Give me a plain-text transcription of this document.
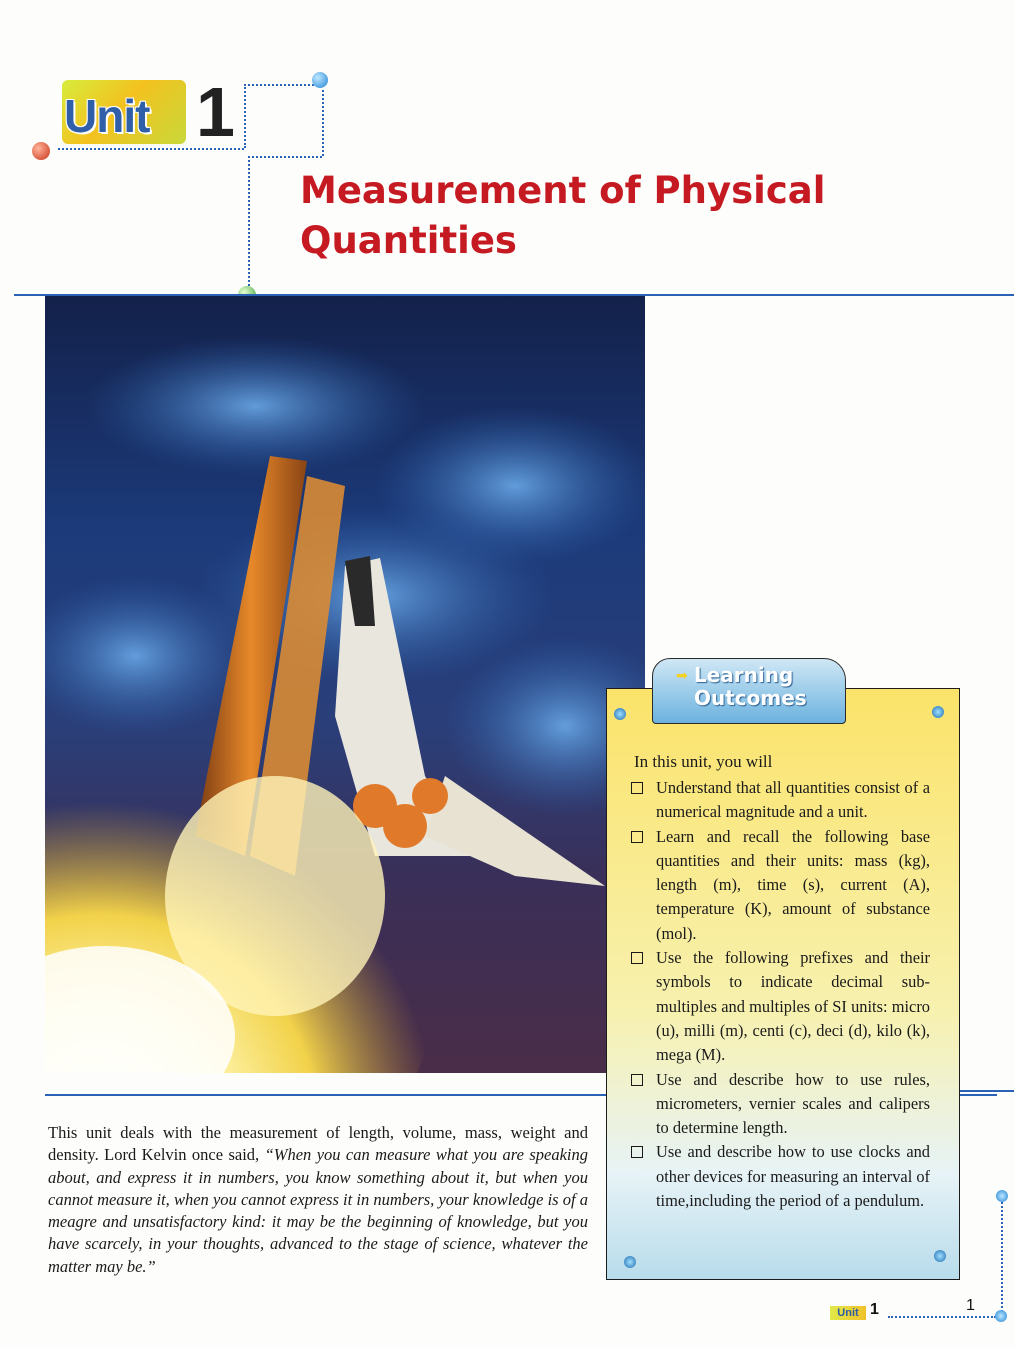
Unit 1
Measurement of Physical Quantities
➡ Learning Outcomes
In this unit, you will
Understand that all quantities consist of a numerical magnitude and a unit.
Learn and recall the following base quantities and their units: mass (kg), length (m), time (s), current (A), temperature (K), amount of substance (mol).
Use the following prefixes and their symbols to indicate decimal sub-multiples and multiples of SI units: micro (u), milli (m), centi (c), deci (d), kilo (k), mega (M).
Use and describe how to use rules, micrometers, vernier scales and calipers to determine length.
Use and describe how to use clocks and other devices for measuring an interval of time,including the period of a pendulum.

This unit deals with the measurement of length, volume, mass, weight and density. Lord Kelvin once said, “When you can measure what you are speaking about, and express it in numbers, you know something about it, but when you cannot measure it, when you cannot express it in numbers, your knowledge is of a meagre and unsatisfactory kind: it may be the beginning of knowledge, but you have scarcely, in your thoughts, advanced to the stage of science, whatever the matter may be.”

Unit 1	1
